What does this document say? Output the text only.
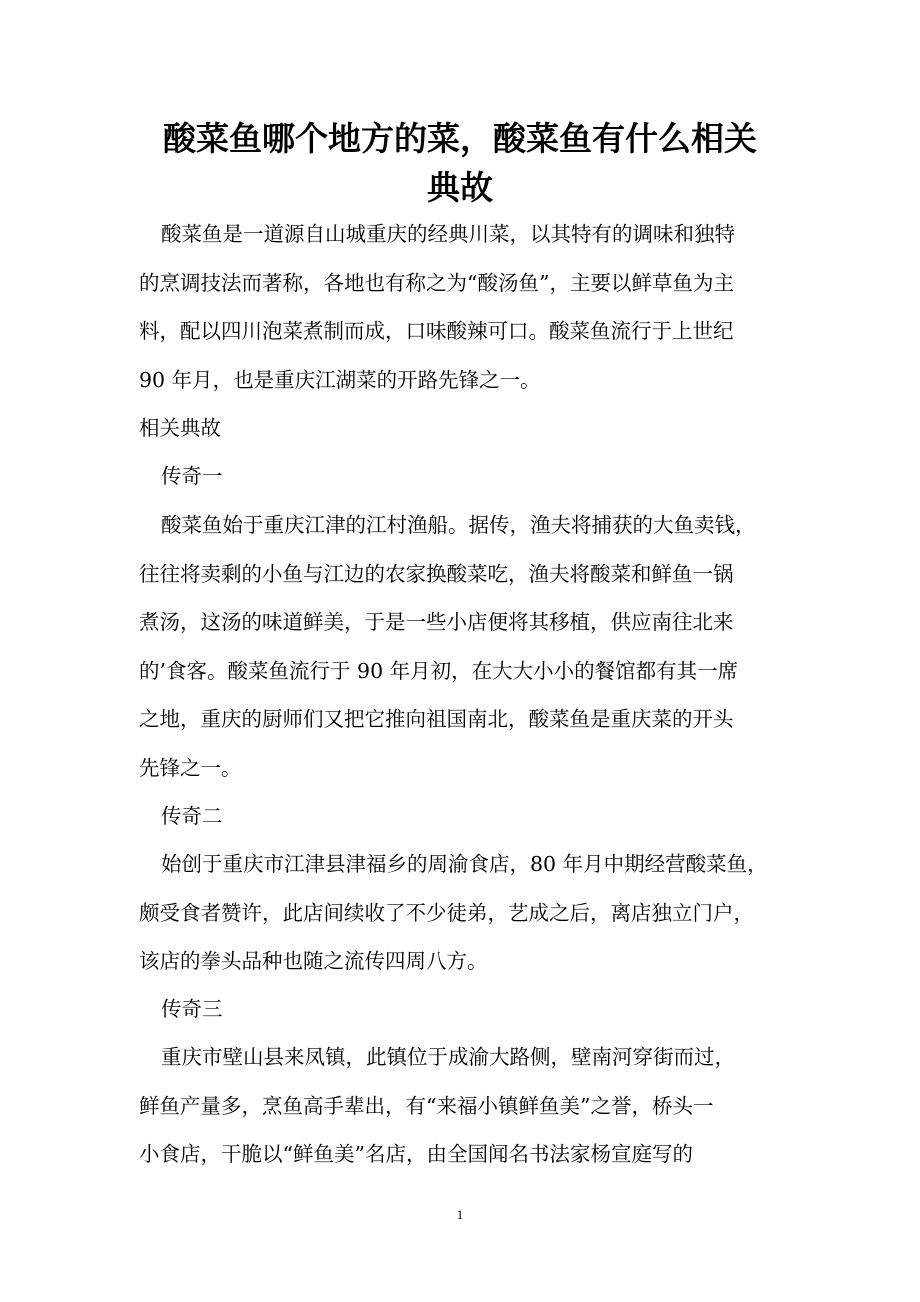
酸菜鱼哪个地方的菜，酸菜鱼有什么相关
典故
酸菜鱼是一道源自山城重庆的经典川菜，以其特有的调味和独特
的烹调技法而著称，各地也有称之为“酸汤鱼”，主要以鲜草鱼为主
料，配以四川泡菜煮制而成，口味酸辣可口。酸菜鱼流行于上世纪
90 年月，也是重庆江湖菜的开路先锋之一。
相关典故
传奇一
酸菜鱼始于重庆江津的江村渔船。据传，渔夫将捕获的大鱼卖钱，
往往将卖剩的小鱼与江边的农家换酸菜吃，渔夫将酸菜和鲜鱼一锅
煮汤，这汤的味道鲜美，于是一些小店便将其移植，供应南往北来
的’食客。酸菜鱼流行于 90 年月初，在大大小小的餐馆都有其一席
之地，重庆的厨师们又把它推向祖国南北，酸菜鱼是重庆菜的开头
先锋之一。
传奇二
始创于重庆市江津县津福乡的周渝食店，80 年月中期经营酸菜鱼，
颇受食者赞许，此店间续收了不少徒弟，艺成之后，离店独立门户，
该店的拳头品种也随之流传四周八方。
传奇三
重庆市壁山县来凤镇，此镇位于成渝大路侧，壁南河穿街而过，
鲜鱼产量多，烹鱼高手辈出，有“来福小镇鲜鱼美”之誉，桥头一
小食店，干脆以“鲜鱼美”名店，由全国闻名书法家杨宣庭写的
1
